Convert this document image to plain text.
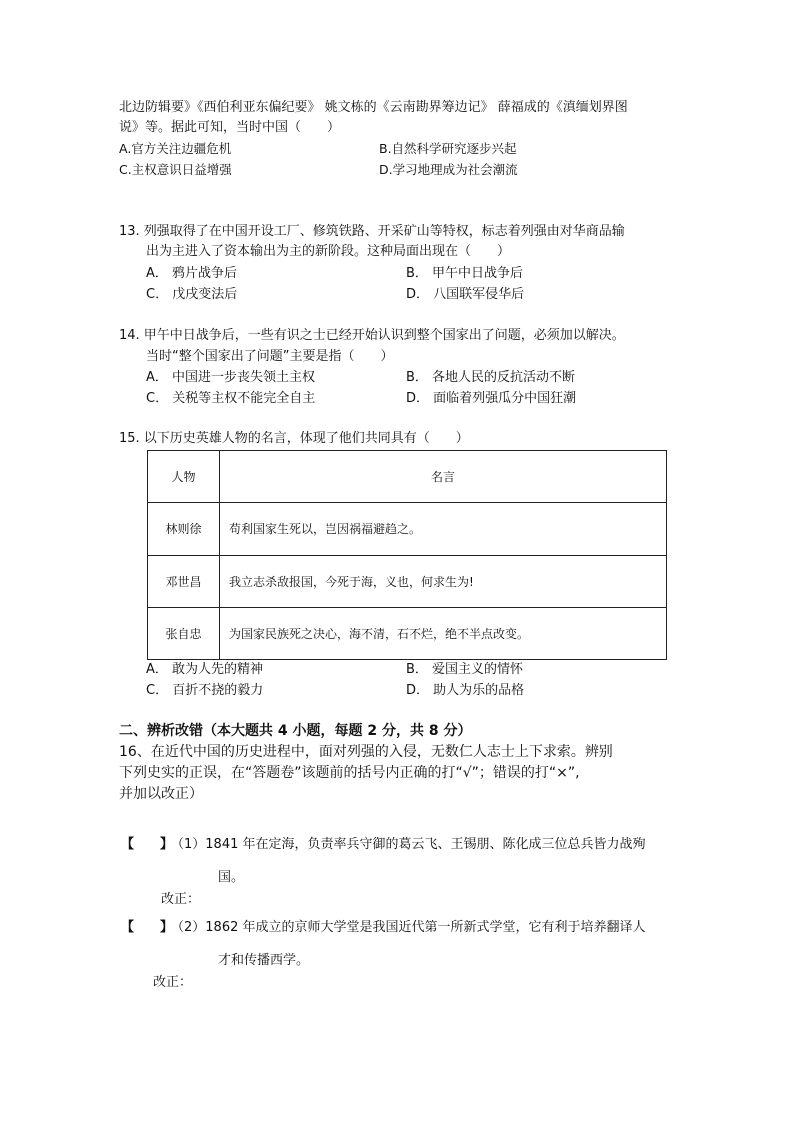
北边防辑要》《西伯利亚东偏纪要》 姚文栋的《云南勘界筹边记》 薛福成的《滇缅划界图
说》等。据此可知，当时中国（　　）
A.官方关注边疆危机	B.自然科学研究逐步兴起
C.主权意识日益增强	D.学习地理成为社会潮流
13. 列强取得了在中国开设工厂、修筑铁路、开采矿山等特权，标志着列强由对华商品输
出为主进入了资本输出为主的新阶段。这种局面出现在（　　）
A． 鸦片战争后	B． 甲午中日战争后
C． 戊戌变法后	D． 八国联军侵华后
14. 甲午中日战争后，一些有识之士已经开始认识到整个国家出了问题，必须加以解决。
当时“整个国家出了问题”主要是指（　　）
A． 中国进一步丧失领土主权	B． 各地人民的反抗活动不断
C． 关税等主权不能完全自主	D． 面临着列强瓜分中国狂潮
15. 以下历史英雄人物的名言，体现了他们共同具有（　　）
人物	名言
林则徐	苟利国家生死以，岂因祸福避趋之。
邓世昌	我立志杀敌报国，今死于海，义也，何求生为!
张自忠	为国家民族死之决心，海不清，石不烂，绝不半点改变。
A． 敢为人先的精神	B． 爱国主义的情怀
C． 百折不挠的毅力	D． 助人为乐的品格
二、辨析改错（本大题共 4 小题，每题 2 分，共 8 分）
16、在近代中国的历史进程中，面对列强的入侵，无数仁人志士上下求索。辨别
下列史实的正误，在“答题卷”该题前的括号内正确的打“√”；错误的打“×”,
并加以改正）
【　　】
（1）1841 年在定海，负责率兵守御的葛云飞、王锡朋、陈化成三位总兵皆力战殉
国。
改正：
【　　】
（2）1862 年成立的京师大学堂是我国近代第一所新式学堂，它有利于培养翻译人
才和传播西学。
改正：
